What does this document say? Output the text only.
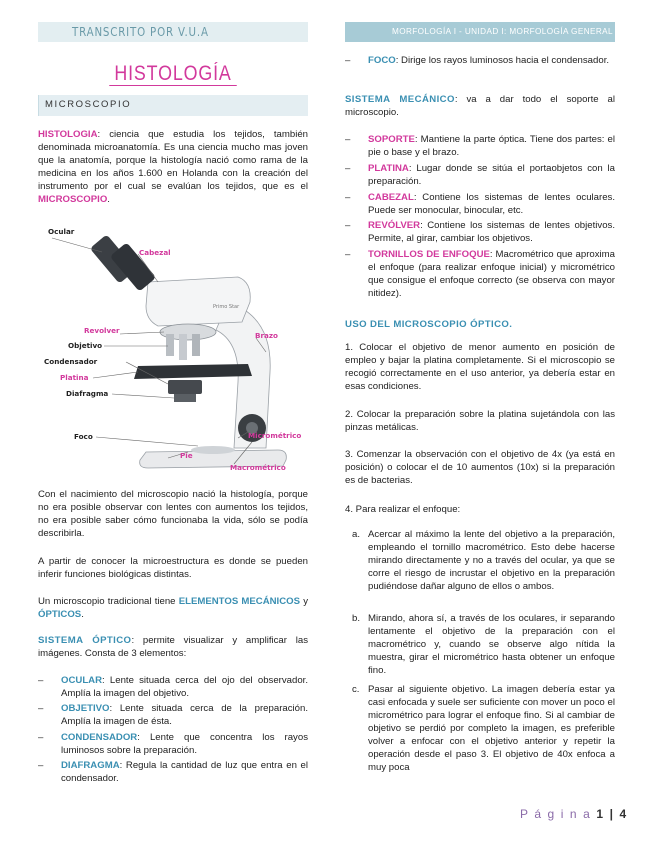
TRANSCRITO POR V.U.A	MORFOLOGÍA I - UNIDAD I: MORFOLOGÍA GENERAL
HISTOLOGÍA
MICROSCOPIO

HISTOLOGIA: ciencia que estudia los tejidos, también denominada microanatomía. Es una ciencia mucho mas joven que la anatomía, porque la histología nació como rama de la medicina en los años 1.600 en Holanda con la creación del instrumento por el cual se evalúan los tejidos, que es el MICROSCOPIO.

Primo Star
Ocular
Cabezal
Revolver
Objetivo
Condensador
Platina
Diafragma
Foco
Pie
Brazo
Micrométrico
Macrométrico

Con el nacimiento del microscopio nació la histología, porque no era posible observar con lentes con aumentos los tejidos, no era posible saber cómo funcionaba la vida, sólo se podía describirla.

A partir de conocer la microestructura es donde se pueden inferir funciones biológicas distintas.

Un microscopio tradicional tiene ELEMENTOS MECÁNICOS y ÓPTICOS.

SISTEMA ÓPTICO: permite visualizar y amplificar las imágenes. Consta de 3 elementos:

– OCULAR: Lente situada cerca del ojo del observador. Amplía la imagen del objetivo.
– OBJETIVO: Lente situada cerca de la preparación. Amplía la imagen de ésta.
– CONDENSADOR: Lente que concentra los rayos luminosos sobre la preparación.
– DIAFRAGMA: Regula la cantidad de luz que entra en el condensador.
– FOCO: Dirige los rayos luminosos hacia el condensador.

SISTEMA MECÁNICO: va a dar todo el soporte al microscopio.

– SOPORTE: Mantiene la parte óptica. Tiene dos partes: el pie o base y el brazo.
– PLATINA: Lugar donde se sitúa el portaobjetos con la preparación.
– CABEZAL: Contiene los sistemas de lentes oculares. Puede ser monocular, binocular, etc.
– REVÓLVER: Contiene los sistemas de lentes objetivos. Permite, al girar, cambiar los objetivos.
– TORNILLOS DE ENFOQUE: Macrométrico que aproxima el enfoque (para realizar enfoque inicial) y micrométrico que consigue el enfoque correcto (se observa con mayor nitidez).

USO DEL MICROSCOPIO ÓPTICO.

1. Colocar el objetivo de menor aumento en posición de empleo y bajar la platina completamente. Si el microscopio se recogió correctamente en el uso anterior, ya debería estar en esas condiciones.

2. Colocar la preparación sobre la platina sujetándola con las pinzas metálicas.

3. Comenzar la observación con el objetivo de 4x (ya está en posición) o colocar el de 10 aumentos (10x) si la preparación es de bacterias.

4. Para realizar el enfoque:

a. Acercar al máximo la lente del objetivo a la preparación, empleando el tornillo macrométrico. Esto debe hacerse mirando directamente y no a través del ocular, ya que se corre el riesgo de incrustar el objetivo en la preparación pudiéndose dañar alguno de ellos o ambos.
b. Mirando, ahora sí, a través de los oculares, ir separando lentamente el objetivo de la preparación con el macrométrico y, cuando se observe algo nítida la muestra, girar el micrométrico hasta obtener un enfoque fino.
c. Pasar al siguiente objetivo. La imagen debería estar ya casi enfocada y suele ser suficiente con mover un poco el micrométrico para lograr el enfoque fino. Si al cambiar de objetivo se perdió por completo la imagen, es preferible volver a enfocar con el objetivo anterior y repetir la operación desde el paso 3. El objetivo de 40x enfoca a muy poca
P á g i n a 1 | 4
